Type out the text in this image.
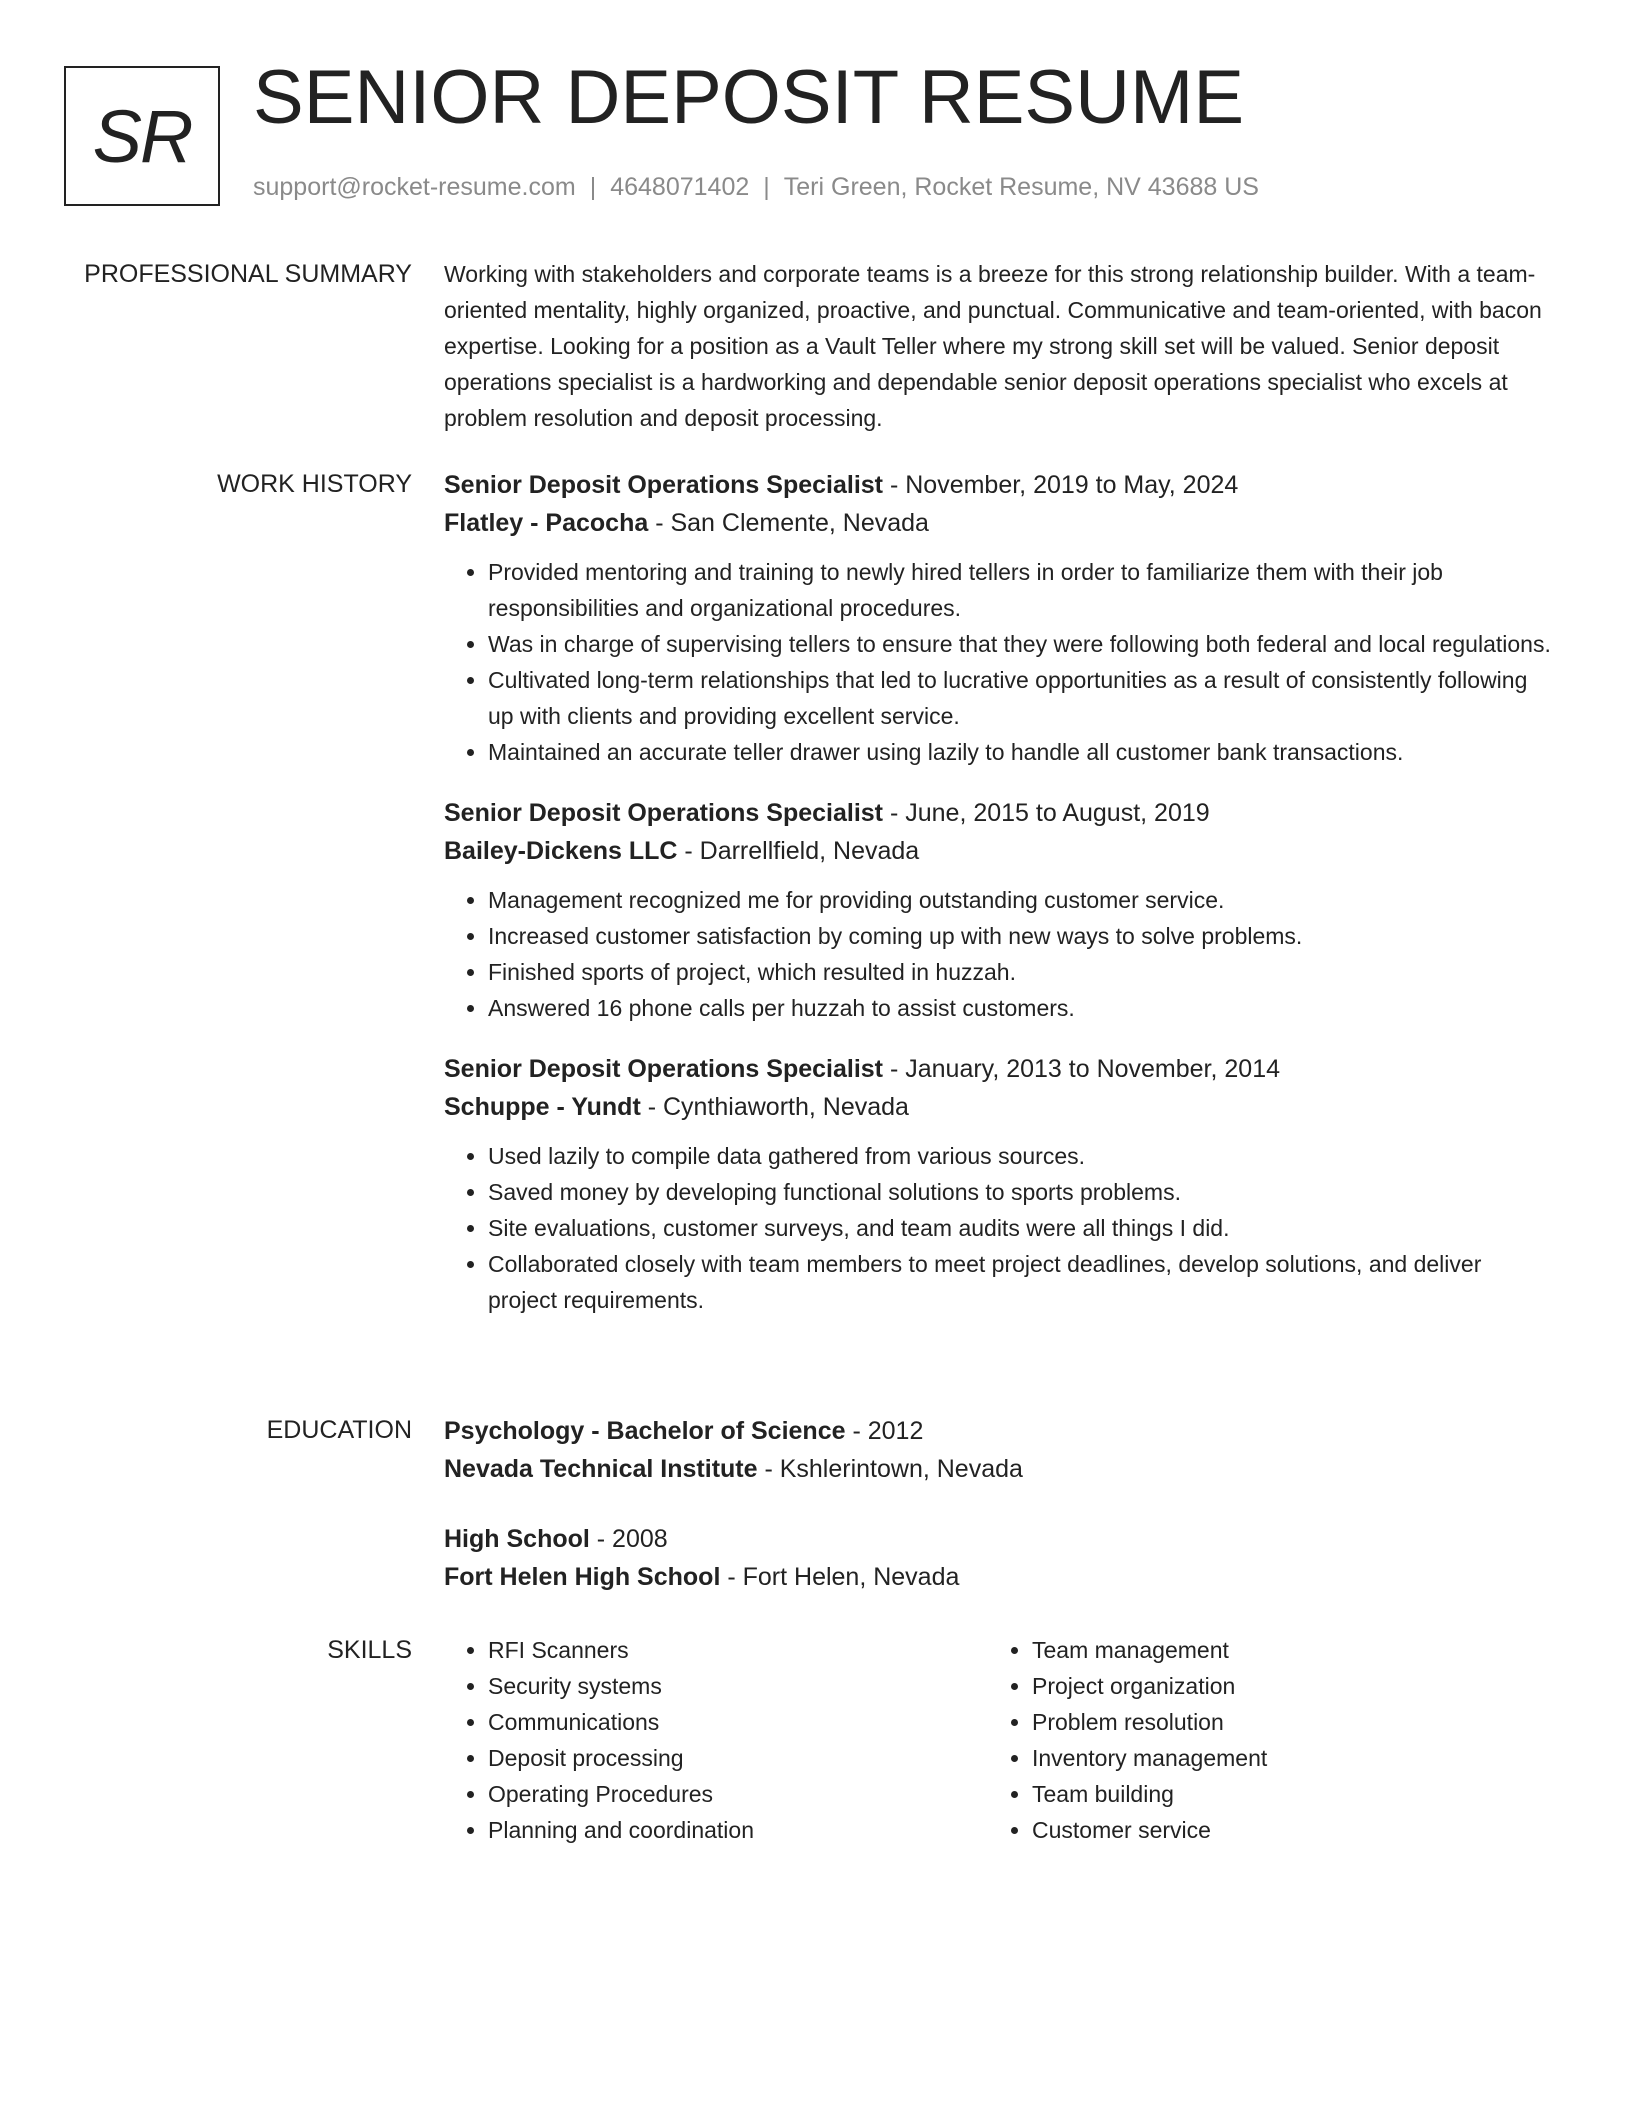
SR SENIOR DEPOSIT RESUME
support@rocket-resume.com | 4648071402 | Teri Green, Rocket Resume, NV 43688 US
PROFESSIONAL SUMMARY Working with stakeholders and corporate teams is a breeze for this strong relationship builder. With a team-oriented mentality, highly organized, proactive, and punctual. Communicative and team-oriented, with bacon expertise. Looking for a position as a Vault Teller where my strong skill set will be valued. Senior deposit operations specialist is a hardworking and dependable senior deposit operations specialist who excels at problem resolution and deposit processing.

WORK HISTORY Senior Deposit Operations Specialist - November, 2019 to May, 2024
Flatley - Pacocha - San Clemente, Nevada
• Provided mentoring and training to newly hired tellers in order to familiarize them with their job responsibilities and organizational procedures.
• Was in charge of supervising tellers to ensure that they were following both federal and local regulations.
• Cultivated long-term relationships that led to lucrative opportunities as a result of consistently following up with clients and providing excellent service.
• Maintained an accurate teller drawer using lazily to handle all customer bank transactions.
Senior Deposit Operations Specialist - June, 2015 to August, 2019
Bailey-Dickens LLC - Darrellfield, Nevada
• Management recognized me for providing outstanding customer service.
• Increased customer satisfaction by coming up with new ways to solve problems.
• Finished sports of project, which resulted in huzzah.
• Answered 16 phone calls per huzzah to assist customers.
Senior Deposit Operations Specialist - January, 2013 to November, 2014
Schuppe - Yundt - Cynthiaworth, Nevada
• Used lazily to compile data gathered from various sources.
• Saved money by developing functional solutions to sports problems.
• Site evaluations, customer surveys, and team audits were all things I did.
• Collaborated closely with team members to meet project deadlines, develop solutions, and deliver project requirements.
EDUCATION Psychology - Bachelor of Science - 2012
Nevada Technical Institute - Kshlerintown, Nevada
High School - 2008
Fort Helen High School - Fort Helen, Nevada
SKILLS
•	RFI Scanners
• Security systems
• Communications
• Deposit processing
• Operating Procedures
• Planning and coordination
• Team management
• Project organization
• Problem resolution
• Inventory management
• Team building
• Customer service
